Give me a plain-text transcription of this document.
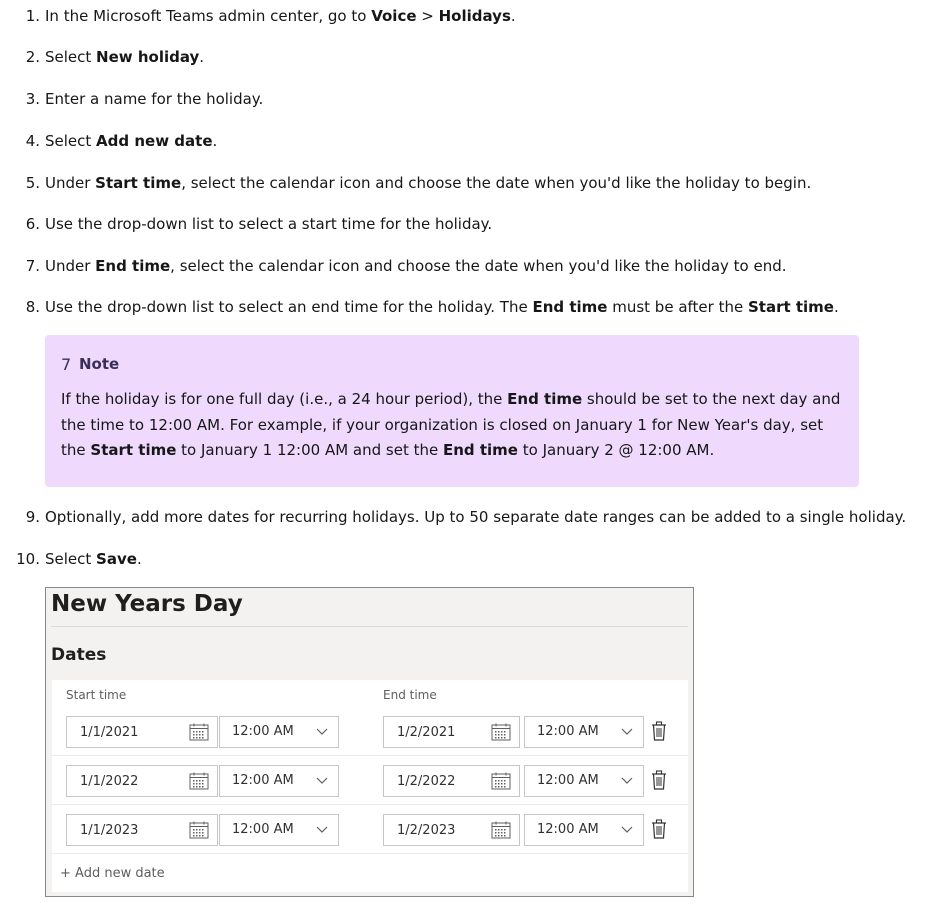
1. In the Microsoft Teams admin center, go to Voice > Holidays.
2. Select New holiday.
3. Enter a name for the holiday.
4. Select Add new date.
5. Under Start time, select the calendar icon and choose the date when you'd like the holiday to begin.
6. Use the drop-down list to select a start time for the holiday.
7. Under End time, select the calendar icon and choose the date when you'd like the holiday to end.
8. Use the drop-down list to select an end time for the holiday. The End time must be after the Start time.
9. Optionally, add more dates for recurring holidays. Up to 50 separate date ranges can be added to a single holiday.
10. Select Save.
7 Note
If the holiday is for one full day (i.e., a 24 hour period), the End time should be set to the next day and the time to 12:00 AM. For example, if your organization is closed on January 1 for New Year's day, set the Start time to January 1 12:00 AM and set the End time to January 2 @ 12:00 AM.
New Years Day
Dates
Start time	End time
1/1/2021	12:00 AM	1/2/2021	12:00 AM
1/1/2022	12:00 AM	1/2/2022	12:00 AM
1/1/2023	12:00 AM	1/2/2023	12:00 AM
+ Add new date
